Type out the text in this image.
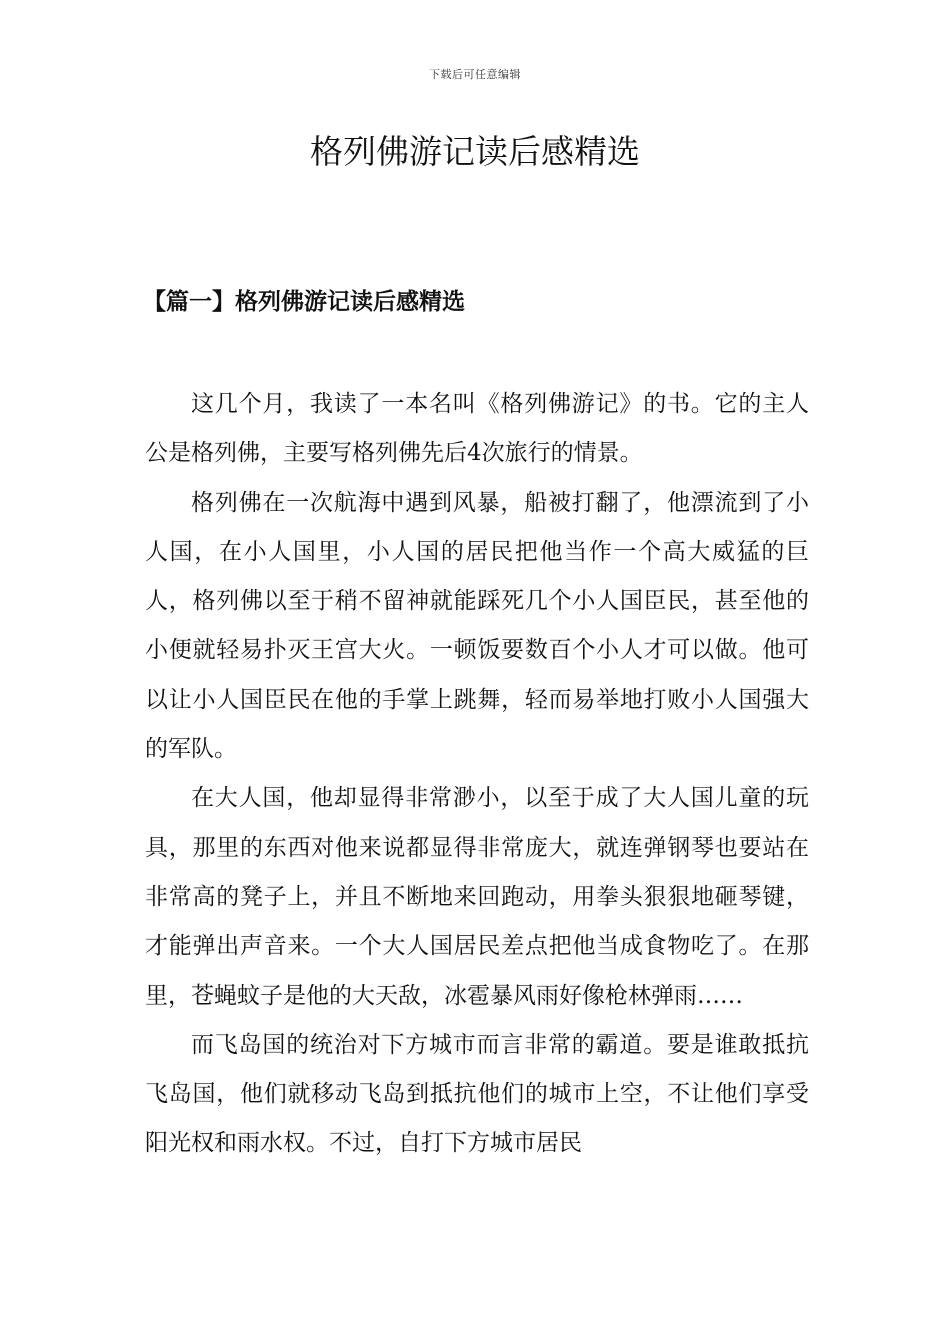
下载后可任意编辑
格列佛游记读后感精选
【篇一】格列佛游记读后感精选

这几个月，我读了一本名叫《格列佛游记》的书。它的主人公是格列佛，主要写格列佛先后4次旅行的情景。

格列佛在一次航海中遇到风暴，船被打翻了，他漂流到了小人国，在小人国里，小人国的居民把他当作一个高大威猛的巨人，格列佛以至于稍不留神就能踩死几个小人国臣民，甚至他的小便就轻易扑灭王宫大火。一顿饭要数百个小人才可以做。他可以让小人国臣民在他的手掌上跳舞，轻而易举地打败小人国强大的军队。

在大人国，他却显得非常渺小，以至于成了大人国儿童的玩具，那里的东西对他来说都显得非常庞大，就连弹钢琴也要站在非常高的凳子上，并且不断地来回跑动，用拳头狠狠地砸琴键，才能弹出声音来。一个大人国居民差点把他当成食物吃了。在那里，苍蝇蚊子是他的大天敌，冰雹暴风雨好像枪林弹雨……

而飞岛国的统治对下方城市而言非常的霸道。要是谁敢抵抗飞岛国，他们就移动飞岛到抵抗他们的城市上空，不让他们享受阳光权和雨水权。不过，自打下方城市居民
